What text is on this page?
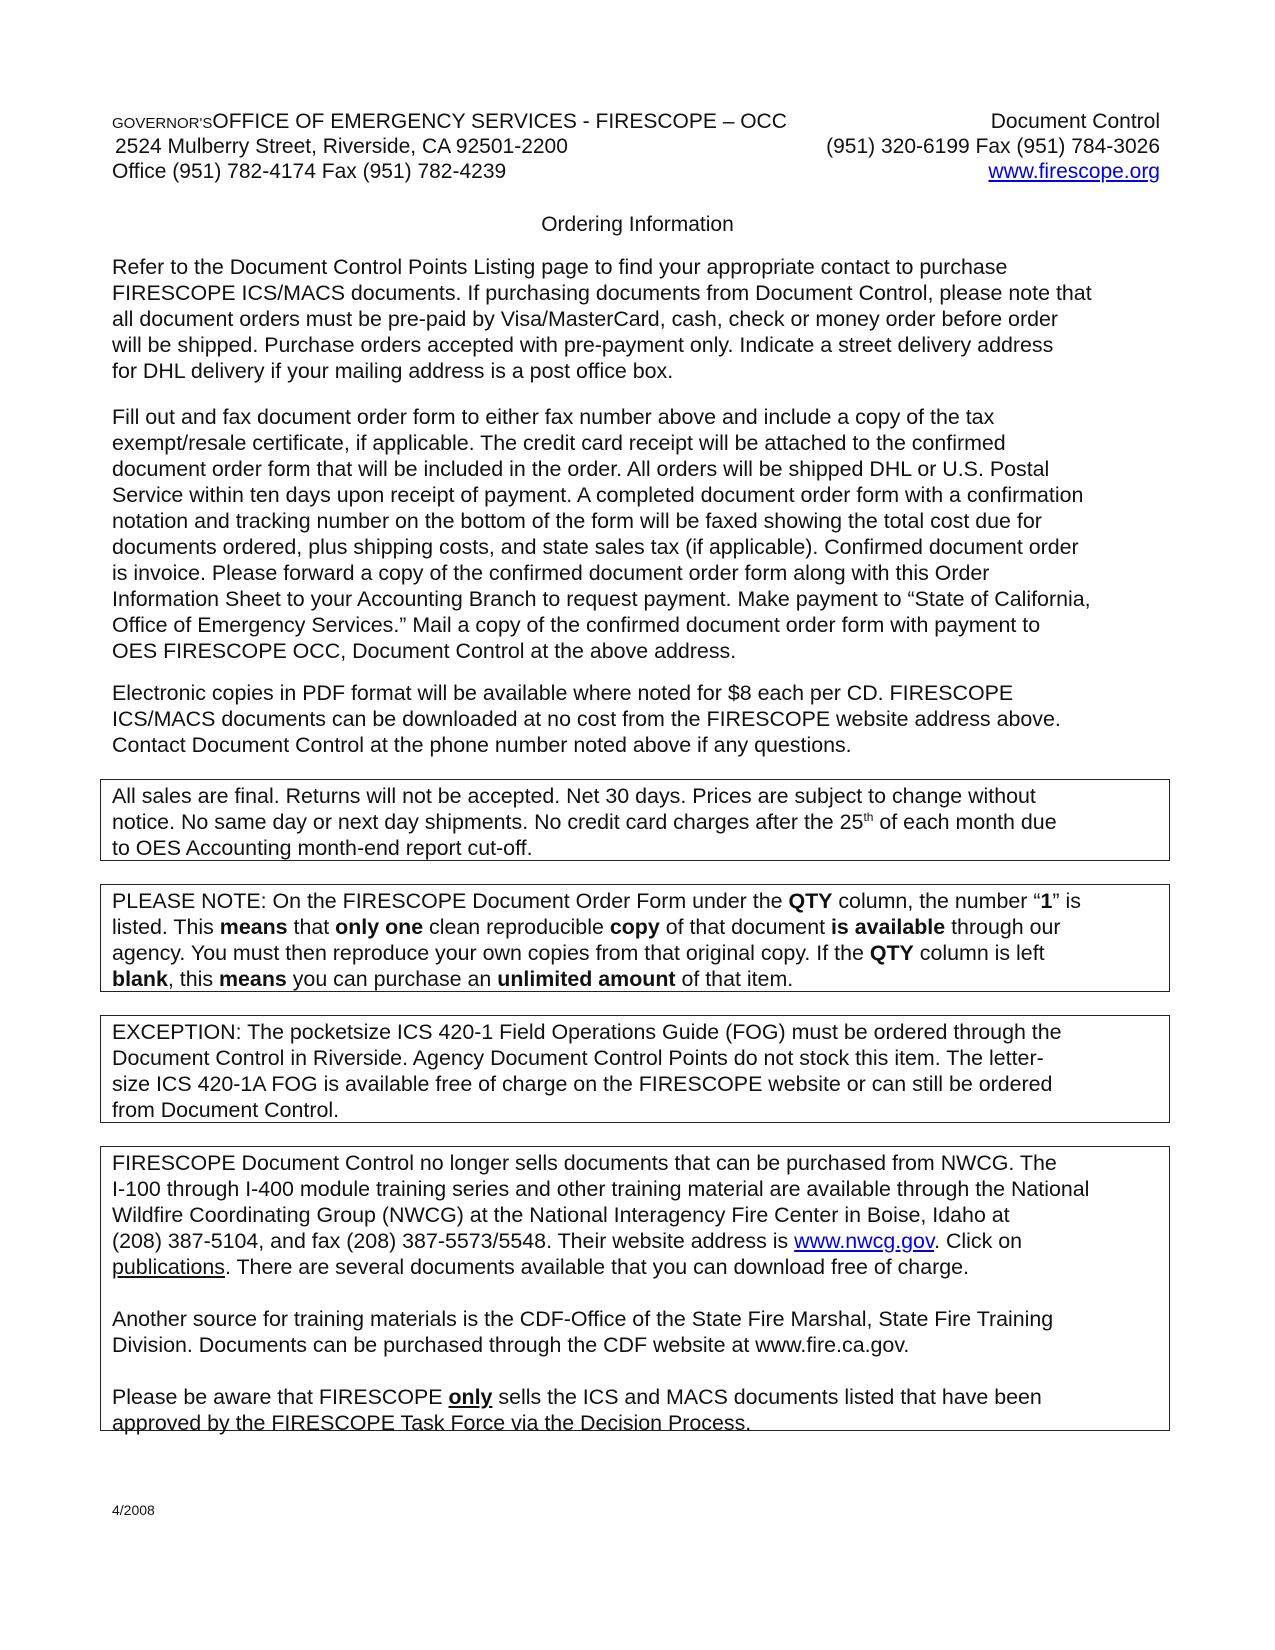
GOVERNOR'SOFFICE OF EMERGENCY SERVICES - FIRESCOPE – OCC	Document Control
2524 Mulberry Street, Riverside, CA 92501-2200	(951) 320-6199 Fax (951) 784-3026
Office (951) 782-4174 Fax (951) 782-4239	www.firescope.org
Ordering Information
Refer to the Document Control Points Listing page to find your appropriate contact to purchase
FIRESCOPE ICS/MACS documents. If purchasing documents from Document Control, please note that
all document orders must be pre-paid by Visa/MasterCard, cash, check or money order before order
will be shipped. Purchase orders accepted with pre-payment only. Indicate a street delivery address
for DHL delivery if your mailing address is a post office box.
Fill out and fax document order form to either fax number above and include a copy of the tax
exempt/resale certificate, if applicable. The credit card receipt will be attached to the confirmed
document order form that will be included in the order. All orders will be shipped DHL or U.S. Postal
Service within ten days upon receipt of payment. A completed document order form with a confirmation
notation and tracking number on the bottom of the form will be faxed showing the total cost due for
documents ordered, plus shipping costs, and state sales tax (if applicable). Confirmed document order
is invoice. Please forward a copy of the confirmed document order form along with this Order
Information Sheet to your Accounting Branch to request payment. Make payment to “State of California,
Office of Emergency Services.” Mail a copy of the confirmed document order form with payment to
OES FIRESCOPE OCC, Document Control at the above address.
Electronic copies in PDF format will be available where noted for $8 each per CD. FIRESCOPE
ICS/MACS documents can be downloaded at no cost from the FIRESCOPE website address above.
Contact Document Control at the phone number noted above if any questions.
All sales are final. Returns will not be accepted. Net 30 days. Prices are subject to change without
notice. No same day or next day shipments. No credit card charges after the 25th of each month due
to OES Accounting month-end report cut-off.
PLEASE NOTE: On the FIRESCOPE Document Order Form under the QTY column, the number “1” is
listed. This means that only one clean reproducible copy of that document is available through our
agency. You must then reproduce your own copies from that original copy. If the QTY column is left
blank, this means you can purchase an unlimited amount of that item.
EXCEPTION: The pocketsize ICS 420-1 Field Operations Guide (FOG) must be ordered through the
Document Control in Riverside. Agency Document Control Points do not stock this item. The letter-
size ICS 420-1A FOG is available free of charge on the FIRESCOPE website or can still be ordered
from Document Control.
FIRESCOPE Document Control no longer sells documents that can be purchased from NWCG. The
I-100 through I-400 module training series and other training material are available through the National
Wildfire Coordinating Group (NWCG) at the National Interagency Fire Center in Boise, Idaho at
(208) 387-5104, and fax (208) 387-5573/5548. Their website address is www.nwcg.gov. Click on
publications. There are several documents available that you can download free of charge.
Another source for training materials is the CDF-Office of the State Fire Marshal, State Fire Training
Division. Documents can be purchased through the CDF website at www.fire.ca.gov.
Please be aware that FIRESCOPE only sells the ICS and MACS documents listed that have been
approved by the FIRESCOPE Task Force via the Decision Process.
4/2008
